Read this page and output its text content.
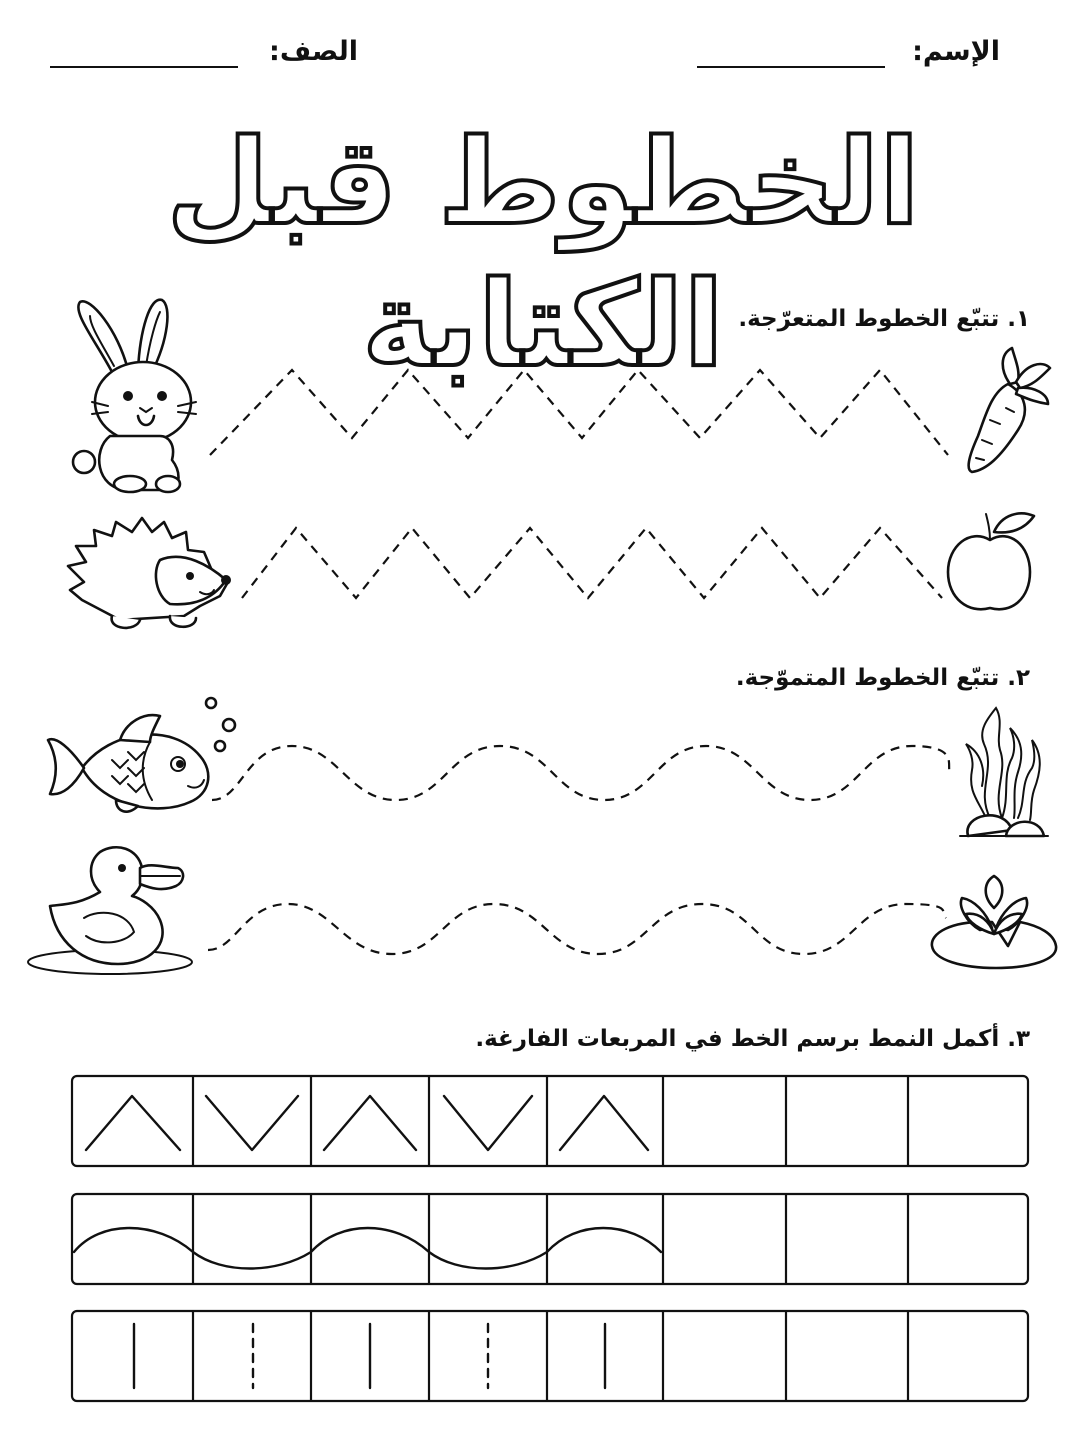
الإسم:
الصف:
الخطوط قبل الكتابة ١. تتبّع الخطوط المتعرّجة.
٢. تتبّع الخطوط المتموّجة.
٣. أكمل النمط برسم الخط في المربعات الفارغة.
